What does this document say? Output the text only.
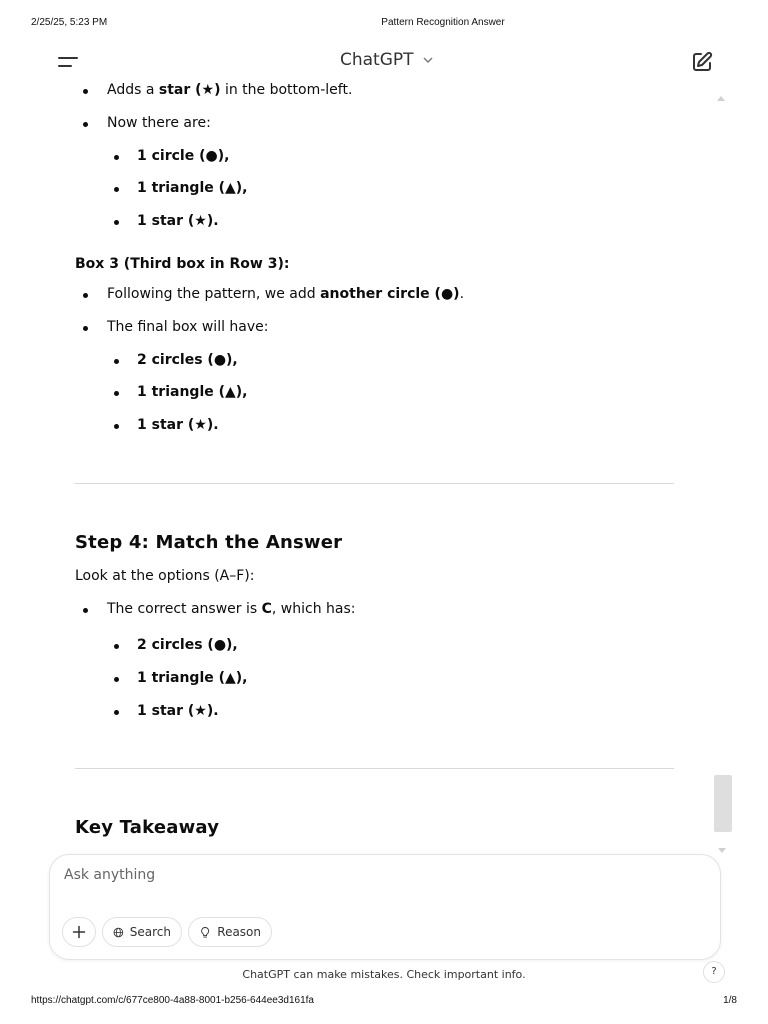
2/25/25, 5:23 PM	Pattern Recognition Answer
ChatGPT
Adds a star (★) in the bottom-left.
Now there are:
1 circle (●),
1 triangle (▲),
1 star (★).
Box 3 (Third box in Row 3):
Following the pattern, we add another circle (●).
The final box will have:
2 circles (●),
1 triangle (▲),
1 star (★).
Step 4: Match the Answer
Look at the options (A–F):
The correct answer is C, which has:
2 circles (●),
1 triangle (▲),
1 star (★).
Key Takeaway
Ask anything
Search	Reason
ChatGPT can make mistakes. Check important info.	?
https://chatgpt.com/c/677ce800-4a88-8001-b256-644ee3d161fa	1/8
